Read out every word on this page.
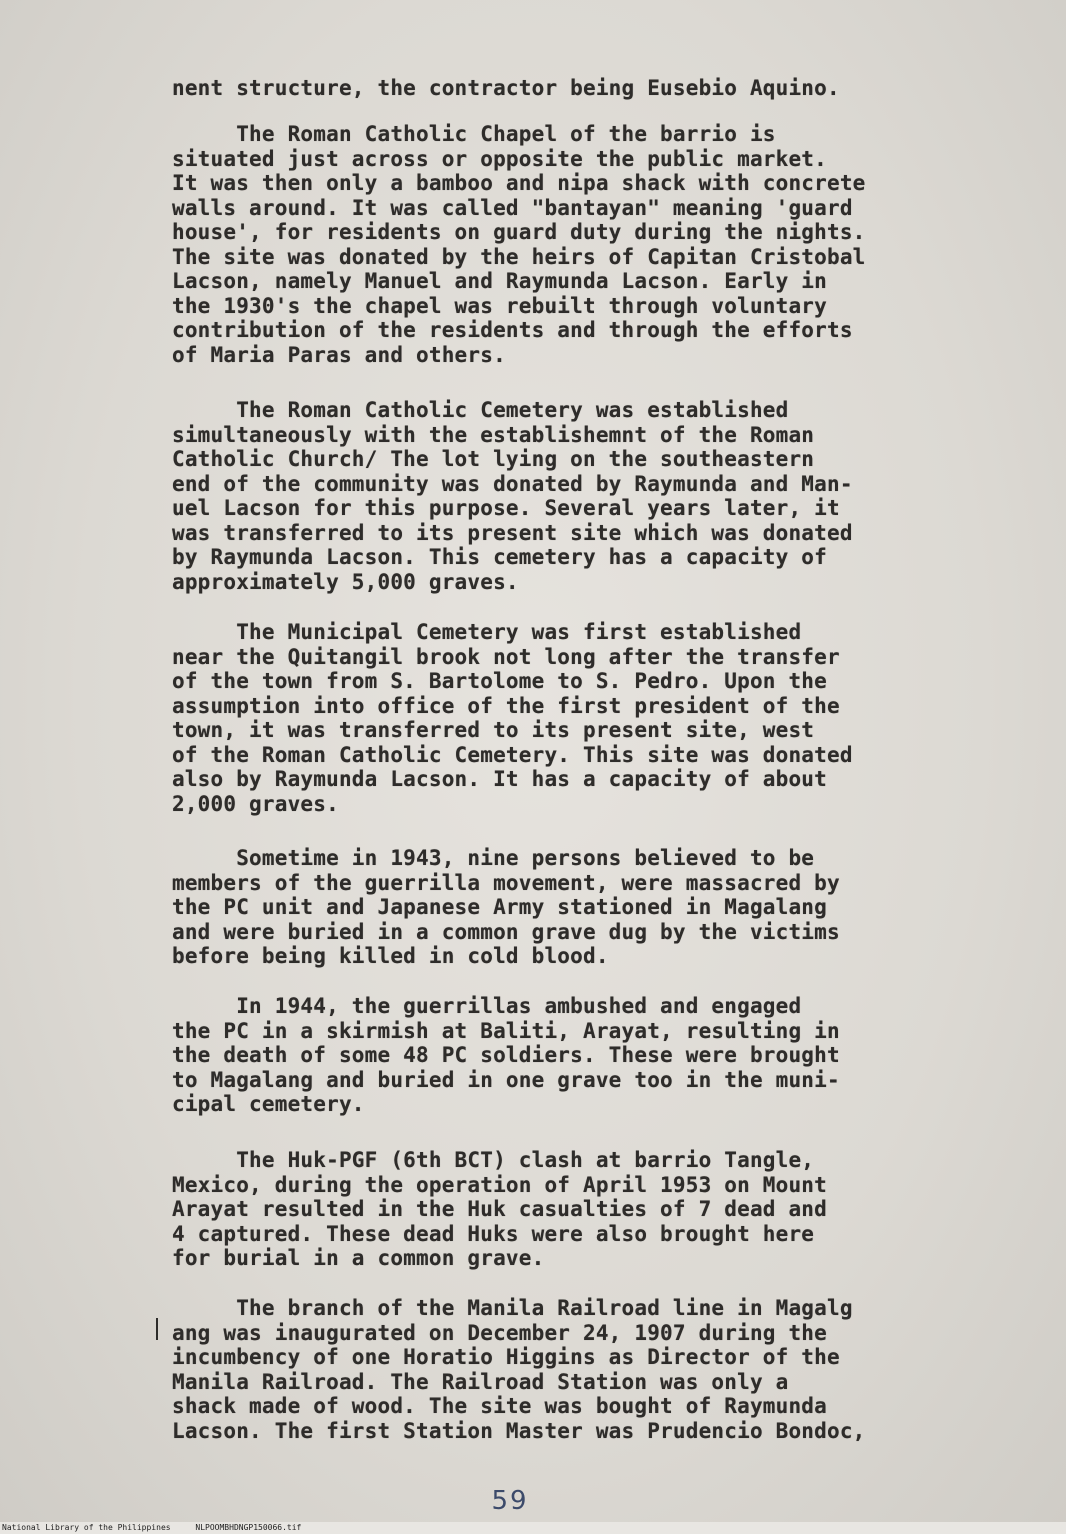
nent structure, the contractor being Eusebio Aquino.
The Roman Catholic Chapel of the barrio is
situated just across or opposite the public market.
It was then only a bamboo and nipa shack with concrete
walls around. It was called "bantayan" meaning 'guard
house', for residents on guard duty during the nights.
The site was donated by the heirs of Capitan Cristobal
Lacson, namely Manuel and Raymunda Lacson. Early in
the 1930's the chapel was rebuilt through voluntary
contribution of the residents and through the efforts
of Maria Paras and others.
The Roman Catholic Cemetery was established
simultaneously with the establishemnt of the Roman
Catholic Church/ The lot lying on the southeastern
end of the community was donated by Raymunda and Man-
uel Lacson for this purpose. Several years later, it
was transferred to its present site which was donated
by Raymunda Lacson. This cemetery has a capacity of
approximately 5,000 graves.
The Municipal Cemetery was first established
near the Quitangil brook not long after the transfer
of the town from S. Bartolome to S. Pedro. Upon the
assumption into office of the first president of the
town, it was transferred to its present site, west
of the Roman Catholic Cemetery. This site was donated
also by Raymunda Lacson. It has a capacity of about
2,000 graves.
Sometime in 1943, nine persons believed to be
members of the guerrilla movement, were massacred by
the PC unit and Japanese Army stationed in Magalang
and were buried in a common grave dug by the victims
before being killed in cold blood.
In 1944, the guerrillas ambushed and engaged
the PC in a skirmish at Baliti, Arayat, resulting in
the death of some 48 PC soldiers. These were brought
to Magalang and buried in one grave too in the muni-
cipal cemetery.
The Huk-PGF (6th BCT) clash at barrio Tangle,
Mexico, during the operation of April 1953 on Mount
Arayat resulted in the Huk casualties of 7 dead and
4 captured. These dead Huks were also brought here
for burial in a common grave.
The branch of the Manila Railroad line in Magalg
ang was inaugurated on December 24, 1907 during the
incumbency of one Horatio Higgins as Director of the
Manila Railroad. The Railroad Station was only a
shack made of wood. The site was bought of Raymunda
Lacson. The first Station Master was Prudencio Bondoc,
59
National Library of the Philippines	NLPOOMBHDNGP150066.tif
